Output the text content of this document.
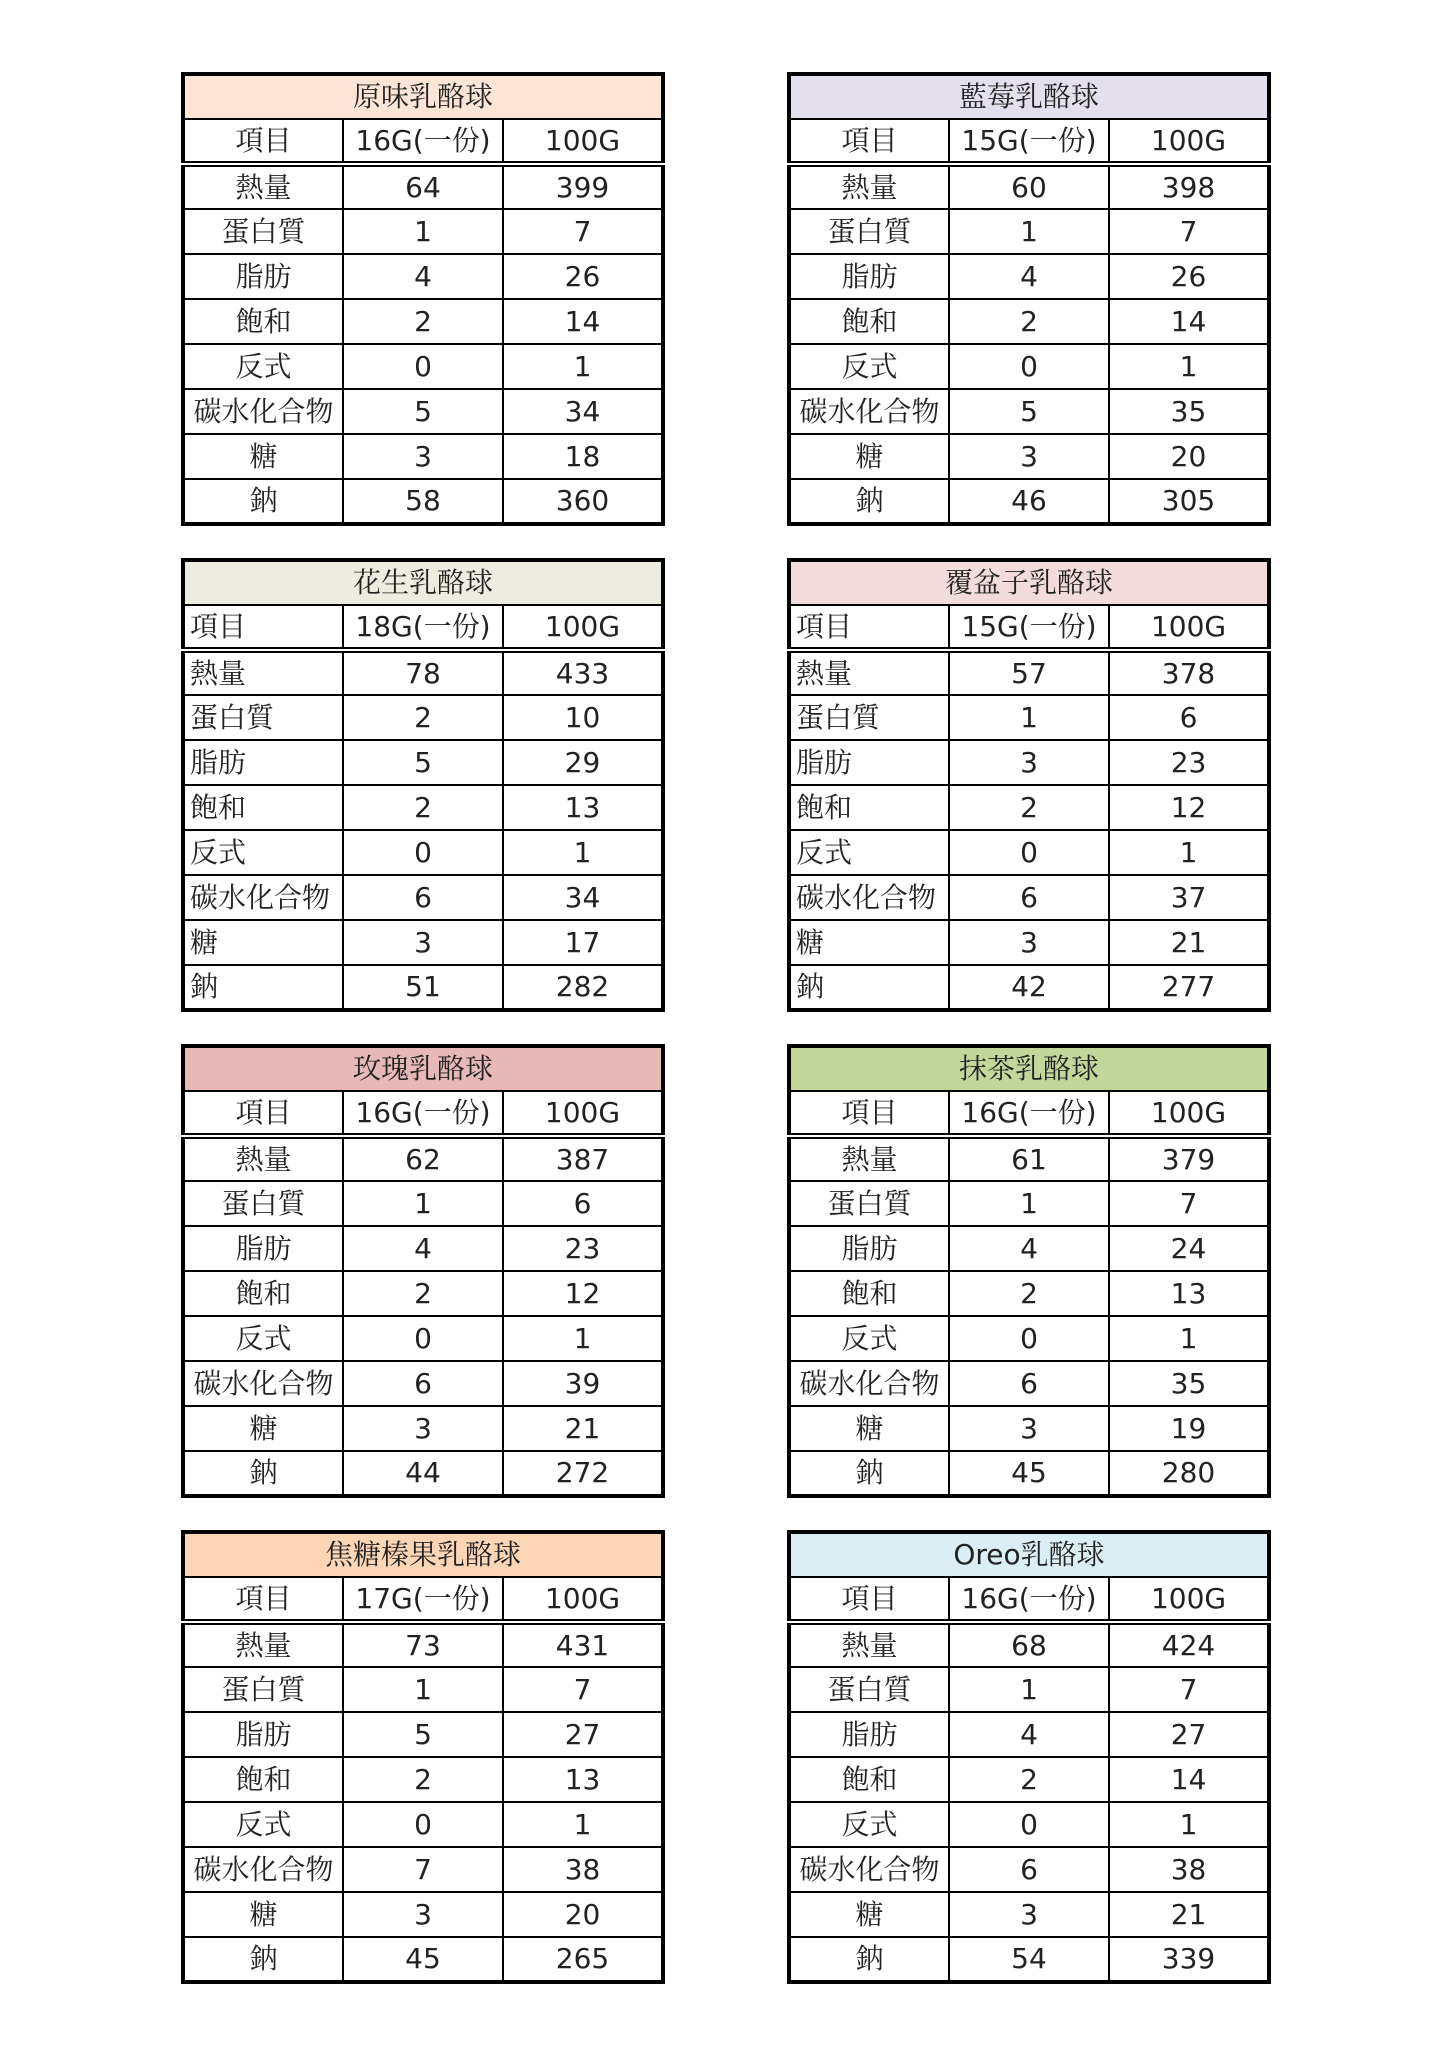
原味乳酪球		
項目	16G(一份)	100G
熱量	64	399
蛋白質	1	7
脂肪	4	26
飽和	2	14
反式	0	1
碳水化合物	5	34
糖	3	18
鈉	58	360
藍莓乳酪球		
項目	15G(一份)	100G
熱量	60	398
蛋白質	1	7
脂肪	4	26
飽和	2	14
反式	0	1
碳水化合物	5	35
糖	3	20
鈉	46	305
花生乳酪球		
項目	18G(一份)	100G
熱量	78	433
蛋白質	2	10
脂肪	5	29
飽和	2	13
反式	0	1
碳水化合物	6	34
糖	3	17
鈉	51	282
覆盆子乳酪球		
項目	15G(一份)	100G
熱量	57	378
蛋白質	1	6
脂肪	3	23
飽和	2	12
反式	0	1
碳水化合物	6	37
糖	3	21
鈉	42	277
玫瑰乳酪球		
項目	16G(一份)	100G
熱量	62	387
蛋白質	1	6
脂肪	4	23
飽和	2	12
反式	0	1
碳水化合物	6	39
糖	3	21
鈉	44	272
抹茶乳酪球		
項目	16G(一份)	100G
熱量	61	379
蛋白質	1	7
脂肪	4	24
飽和	2	13
反式	0	1
碳水化合物	6	35
糖	3	19
鈉	45	280
焦糖榛果乳酪球		
項目	17G(一份)	100G
熱量	73	431
蛋白質	1	7
脂肪	5	27
飽和	2	13
反式	0	1
碳水化合物	7	38
糖	3	20
鈉	45	265
Oreo乳酪球		
項目	16G(一份)	100G
熱量	68	424
蛋白質	1	7
脂肪	4	27
飽和	2	14
反式	0	1
碳水化合物	6	38
糖	3	21
鈉	54	339
